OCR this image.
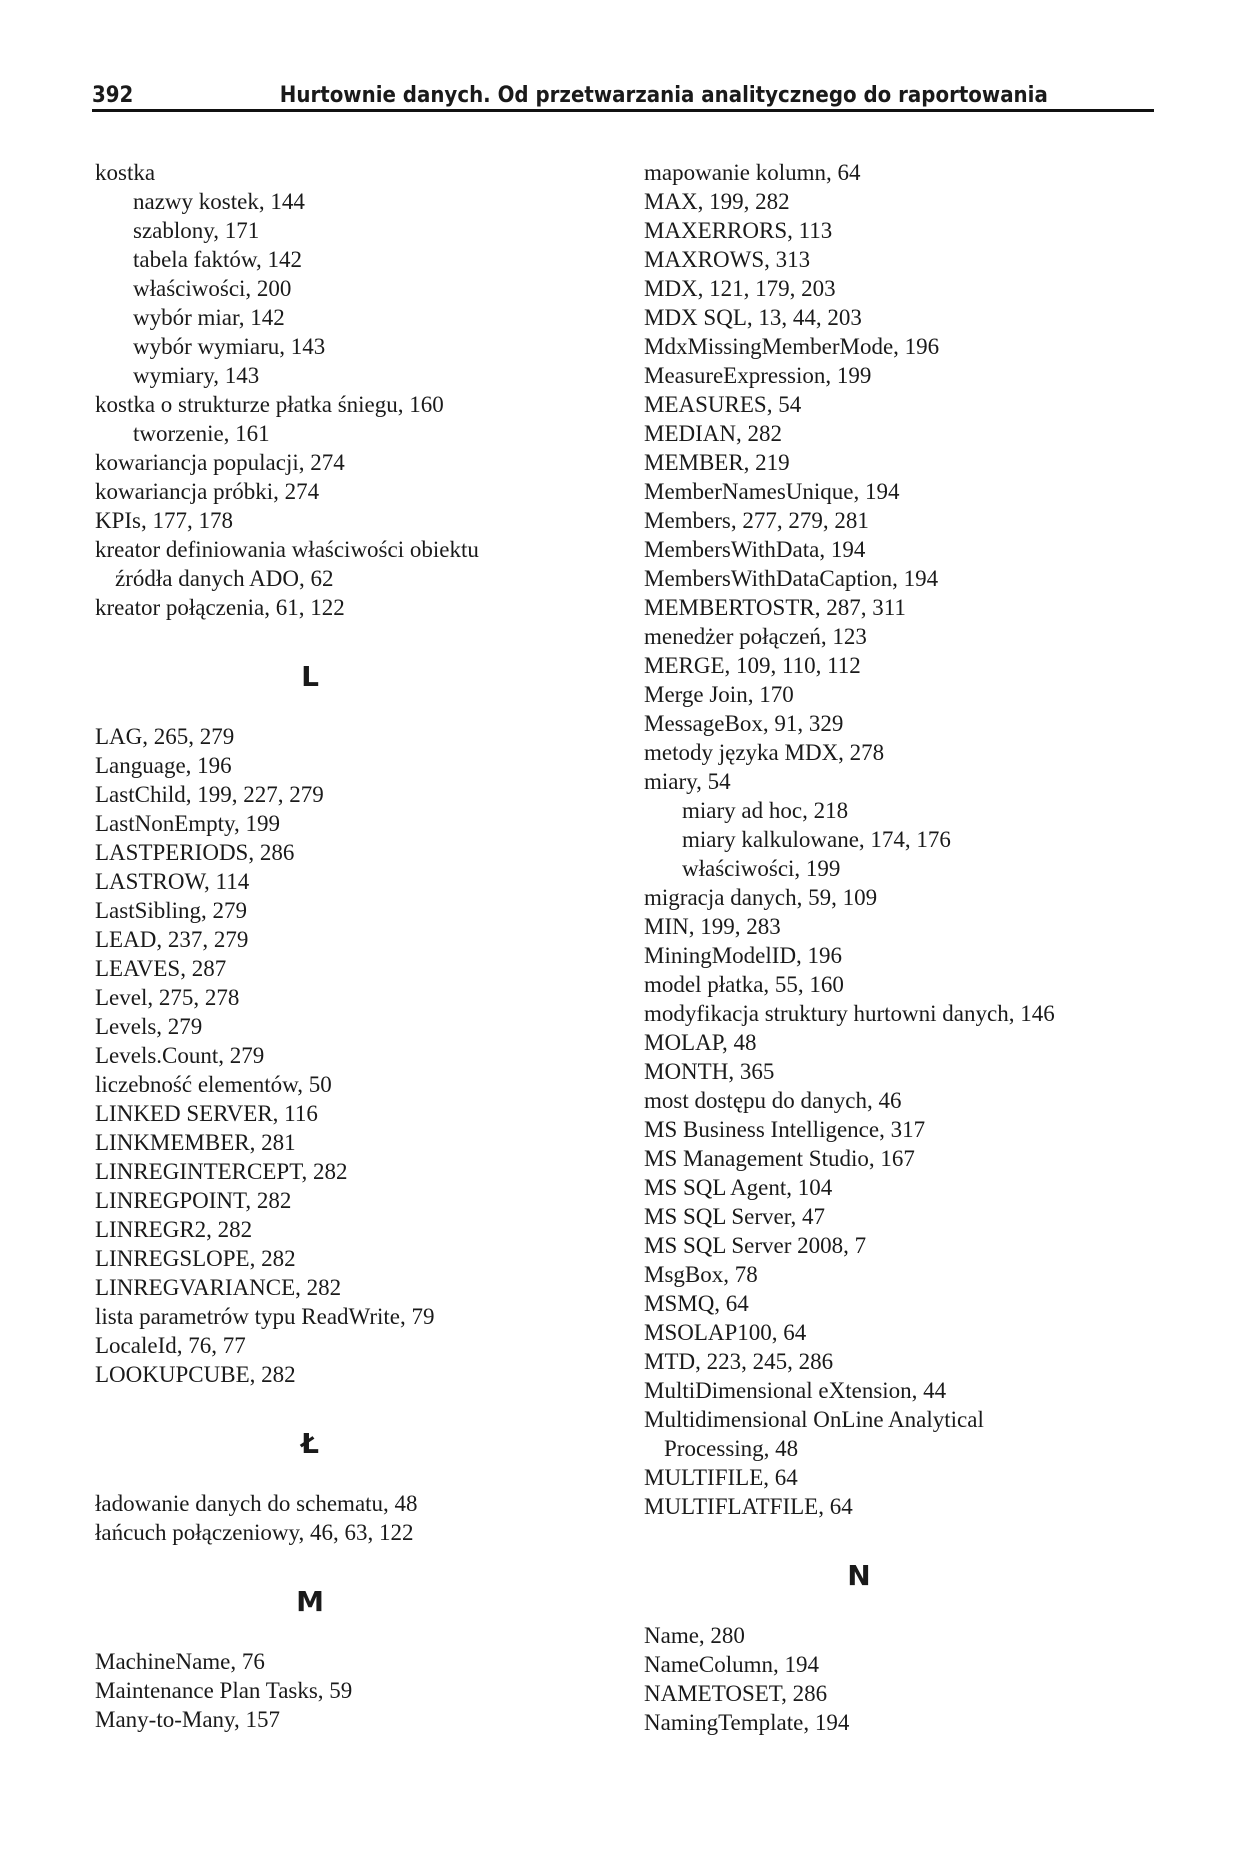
392	Hurtownie danych. Od przetwarzania analitycznego do raportowania
kostka
nazwy kostek, 144
szablony, 171
tabela faktów, 142
właściwości, 200
wybór miar, 142
wybór wymiaru, 143
wymiary, 143
kostka o strukturze płatka śniegu, 160
tworzenie, 161
kowariancja populacji, 274
kowariancja próbki, 274
KPIs, 177, 178
kreator definiowania właściwości obiektu
źródła danych ADO, 62
kreator połączenia, 61, 122
L
LAG, 265, 279
Language, 196
LastChild, 199, 227, 279
LastNonEmpty, 199
LASTPERIODS, 286
LASTROW, 114
LastSibling, 279
LEAD, 237, 279
LEAVES, 287
Level, 275, 278
Levels, 279
Levels.Count, 279
liczebność elementów, 50
LINKED SERVER, 116
LINKMEMBER, 281
LINREGINTERCEPT, 282
LINREGPOINT, 282
LINREGR2, 282
LINREGSLOPE, 282
LINREGVARIANCE, 282
lista parametrów typu ReadWrite, 79
LocaleId, 76, 77
LOOKUPCUBE, 282
Ł
ładowanie danych do schematu, 48
łańcuch połączeniowy, 46, 63, 122
M
MachineName, 76
Maintenance Plan Tasks, 59
Many-to-Many, 157
mapowanie kolumn, 64
MAX, 199, 282
MAXERRORS, 113
MAXROWS, 313
MDX, 121, 179, 203
MDX SQL, 13, 44, 203
MdxMissingMemberMode, 196
MeasureExpression, 199
MEASURES, 54
MEDIAN, 282
MEMBER, 219
MemberNamesUnique, 194
Members, 277, 279, 281
MembersWithData, 194
MembersWithDataCaption, 194
MEMBERTOSTR, 287, 311
menedżer połączeń, 123
MERGE, 109, 110, 112
Merge Join, 170
MessageBox, 91, 329
metody języka MDX, 278
miary, 54
miary ad hoc, 218
miary kalkulowane, 174, 176
właściwości, 199
migracja danych, 59, 109
MIN, 199, 283
MiningModelID, 196
model płatka, 55, 160
modyfikacja struktury hurtowni danych, 146
MOLAP, 48
MONTH, 365
most dostępu do danych, 46
MS Business Intelligence, 317
MS Management Studio, 167
MS SQL Agent, 104
MS SQL Server, 47
MS SQL Server 2008, 7
MsgBox, 78
MSMQ, 64
MSOLAP100, 64
MTD, 223, 245, 286
MultiDimensional eXtension, 44
Multidimensional OnLine Analytical
Processing, 48
MULTIFILE, 64
MULTIFLATFILE, 64
N
Name, 280
NameColumn, 194
NAMETOSET, 286
NamingTemplate, 194
